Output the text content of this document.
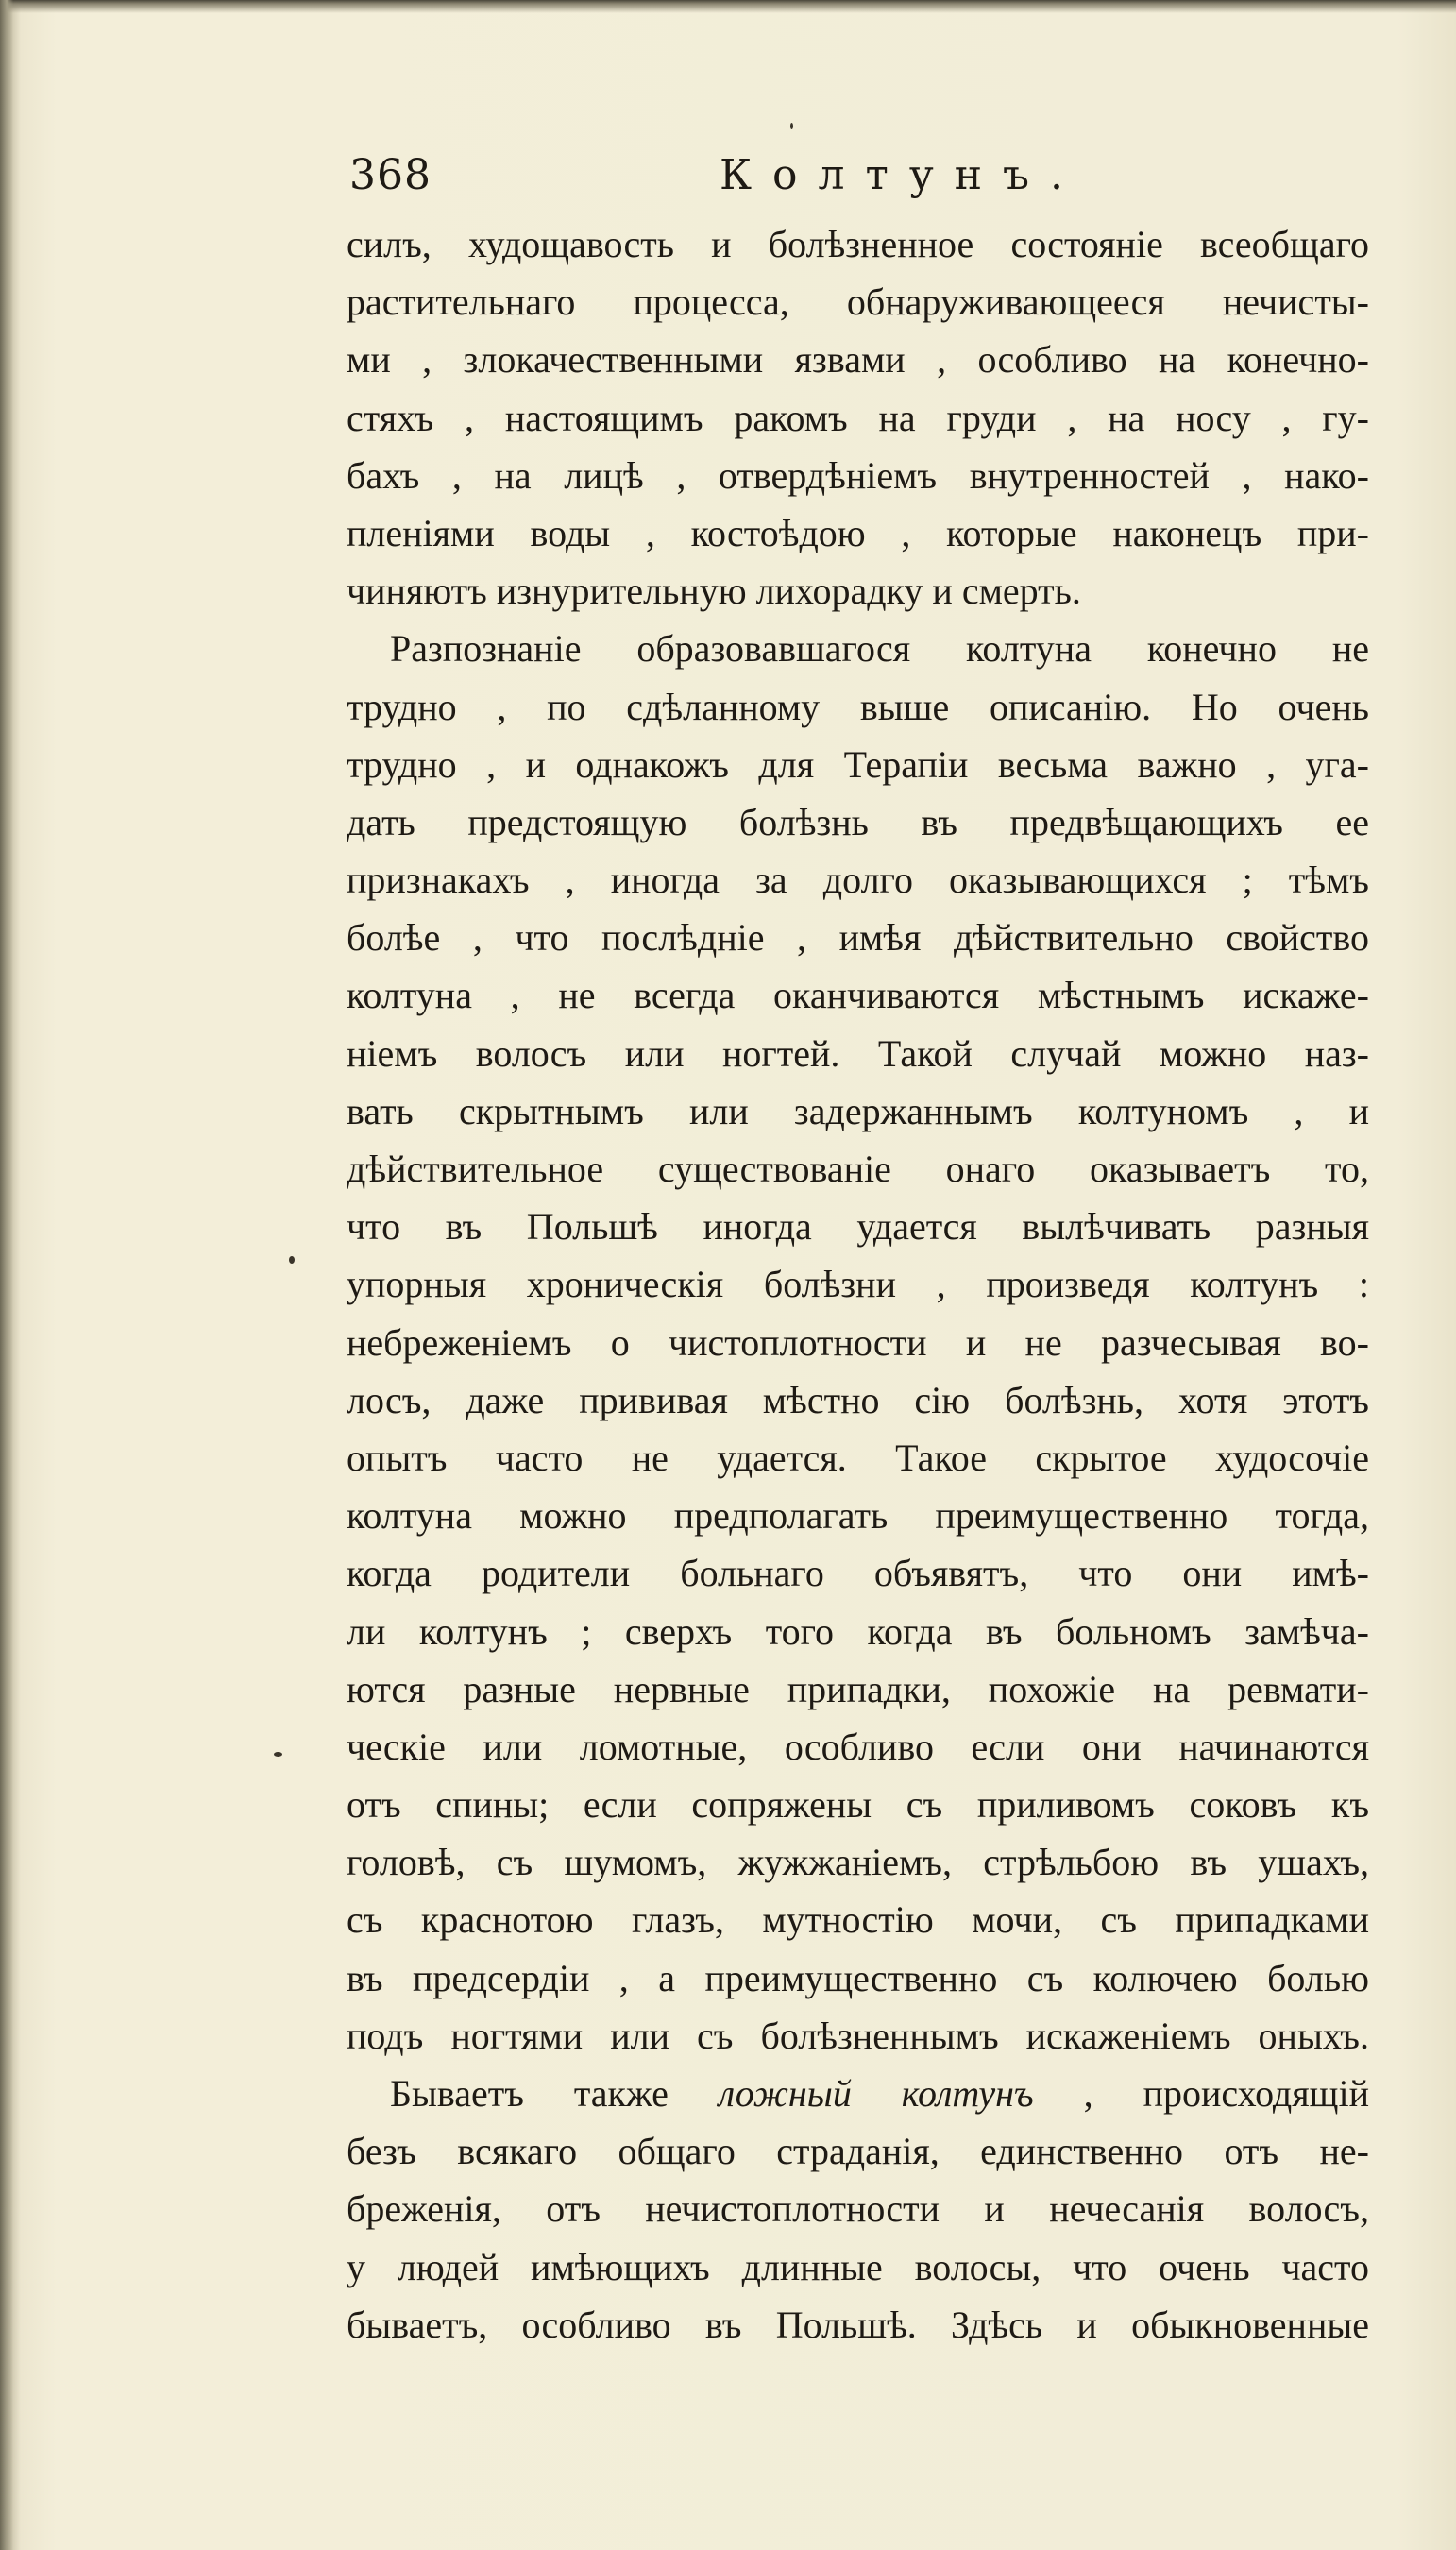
368	Колтунъ.
силъ, худощавость и болѣзненное состояніе всеобщаго
растительнаго процесса, обнаруживающееся нечисты-
ми , злокачественными язвами , особливо на конечно-
стяхъ , настоящимъ ракомъ на груди , на носу , гу-
бахъ , на лицѣ , отвердѣніемъ внутренностей , нако-
пленіями воды , костоѣдою , которые наконецъ при-
чиняютъ изнурительную лихорадку и смерть.
Разпознаніе образовавшагося колтуна конечно не
трудно , по сдѣланному выше описанію. Но очень
трудно , и однакожъ для Терапіи весьма важно , уга-
дать предстоящую болѣзнь въ предвѣщающихъ ее
признакахъ , иногда за долго оказывающихся ; тѣмъ
болѣе , что послѣдніе , имѣя дѣйствительно свойство
колтуна , не всегда оканчиваются мѣстнымъ искаже-
ніемъ волосъ или ногтей. Такой случай можно наз-
вать скрытнымъ или задержаннымъ колтуномъ , и
дѣйствительное существованіе онаго оказываетъ то,
что въ Польшѣ иногда удается вылѣчивать разныя
упорныя хроническія болѣзни , произведя колтунъ :
небреженіемъ о чистоплотности и не разчесывая во-
лосъ, даже прививая мѣстно сію болѣзнь, хотя этотъ
опытъ часто не удается. Такое скрытое худосочіе
колтуна можно предполагать преимущественно тогда,
когда родители больнаго объявятъ, что они имѣ-
ли колтунъ ; сверхъ того когда въ больномъ замѣча-
ются разные нервные припадки, похожіе на ревмати-
ческіе или ломотные, особливо если они начинаются
отъ спины; если сопряжены съ приливомъ соковъ къ
головѣ, съ шумомъ, жужжаніемъ, стрѣльбою въ ушахъ,
съ краснотою глазъ, мутностію мочи, съ припадками
въ предсердіи , а преимущественно съ колючею болью
подъ ногтями или съ болѣзненнымъ искаженіемъ оныхъ.
Бываетъ также ложный колтунъ , происходящій
безъ всякаго общаго страданія, единственно отъ не-
бреженія, отъ нечистоплотности и нечесанія волосъ,
у людей имѣющихъ длинные волосы, что очень часто
бываетъ, особливо въ Польшѣ. Здѣсь и обыкновенные
